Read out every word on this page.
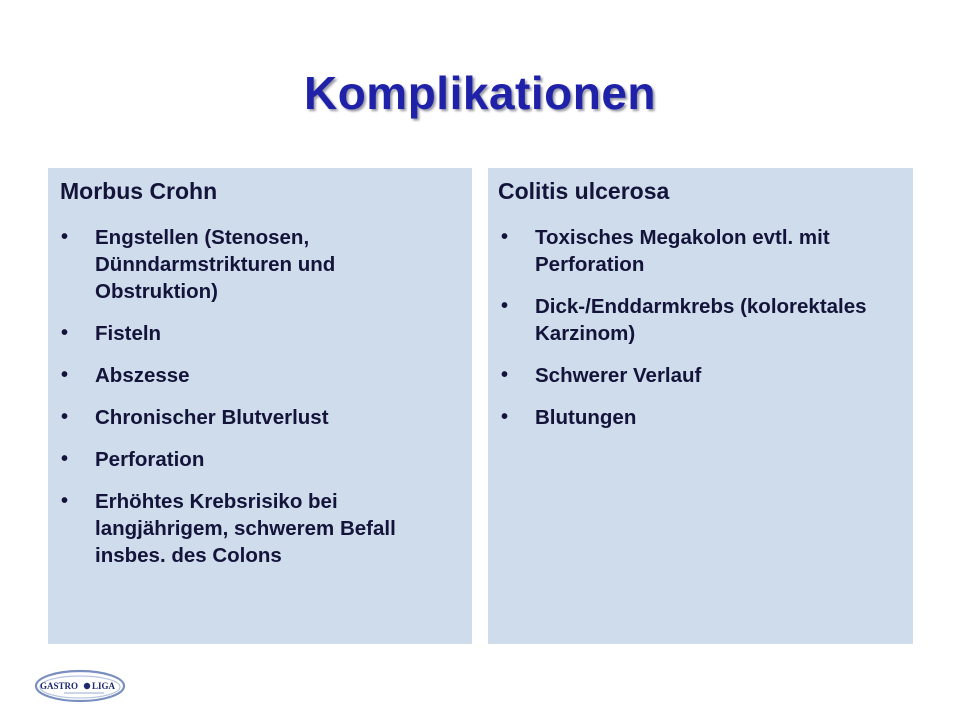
Komplikationen
Morbus Crohn
• Engstellen (Stenosen, Dünndarmstrikturen und Obstruktion)
• Fisteln
• Abszesse
• Chronischer Blutverlust
• Perforation
• Erhöhtes Krebsrisiko bei langjährigem, schwerem Befall insbes. des Colons
Colitis ulcerosa
• Toxisches Megakolon evtl. mit Perforation
• Dick-/Enddarmkrebs (kolorektales Karzinom)
• Schwerer Verlauf
• Blutungen
GASTRO LIGA
